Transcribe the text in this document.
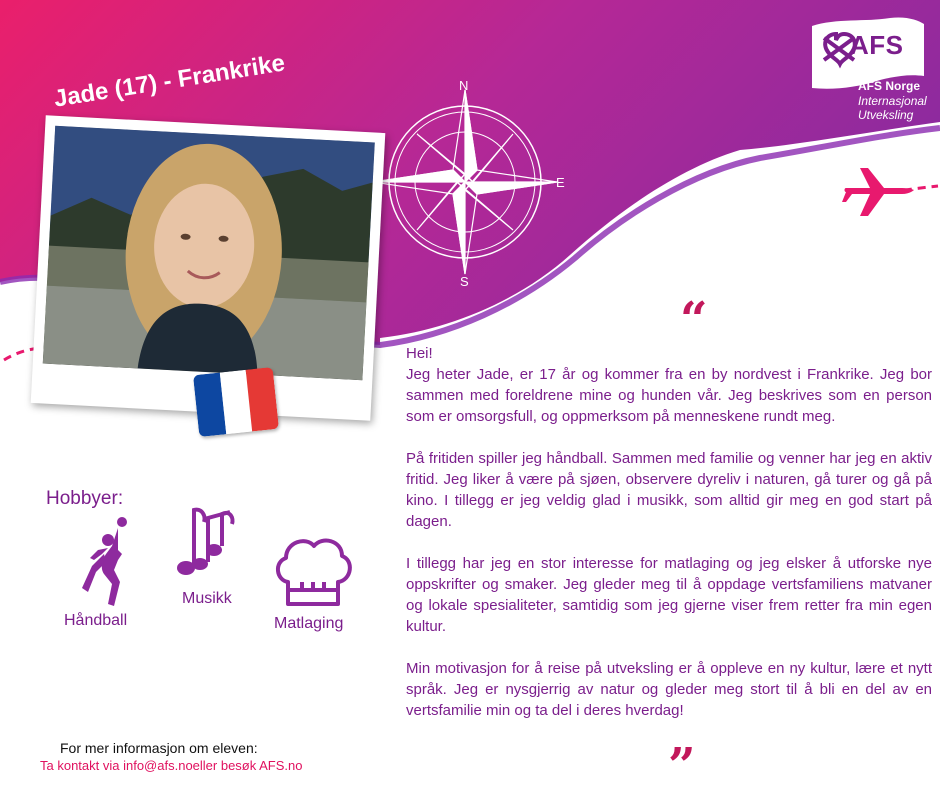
AFS
AFS Norge
Internasjonal Utveksling
N
S
E
Jade (17) - Frankrike
“
”

Hei!
Jeg heter Jade, er 17 år og kommer fra en by nordvest i Frankrike. Jeg bor sammen med foreldrene mine og hunden vår. Jeg beskrives som en person som er omsorgsfull, og oppmerksom på menneskene rundt meg.

På fritiden spiller jeg håndball. Sammen med familie og venner har jeg en aktiv fritid. Jeg liker å være på sjøen, observere dyreliv i naturen, gå turer og gå på kino. I tillegg er jeg veldig glad i musikk, som alltid gir meg en god start på dagen.

I tillegg har jeg en stor interesse for matlaging og jeg elsker å utforske nye oppskrifter og smaker. Jeg gleder meg til å oppdage vertsfamiliens matvaner og lokale spesialiteter, samtidig som jeg gjerne viser frem retter fra min egen kultur.

Min motivasjon for å reise på utveksling er å oppleve en ny kultur, lære et nytt språk. Jeg er nysgjerrig av natur og gleder meg stort til å bli en del av en vertsfamilie min og ta del i deres hverdag!

Hobbyer:
Håndball
Musikk
Matlaging
For mer informasjon om eleven:
Ta kontakt via info@afs.noeller besøk AFS.no
